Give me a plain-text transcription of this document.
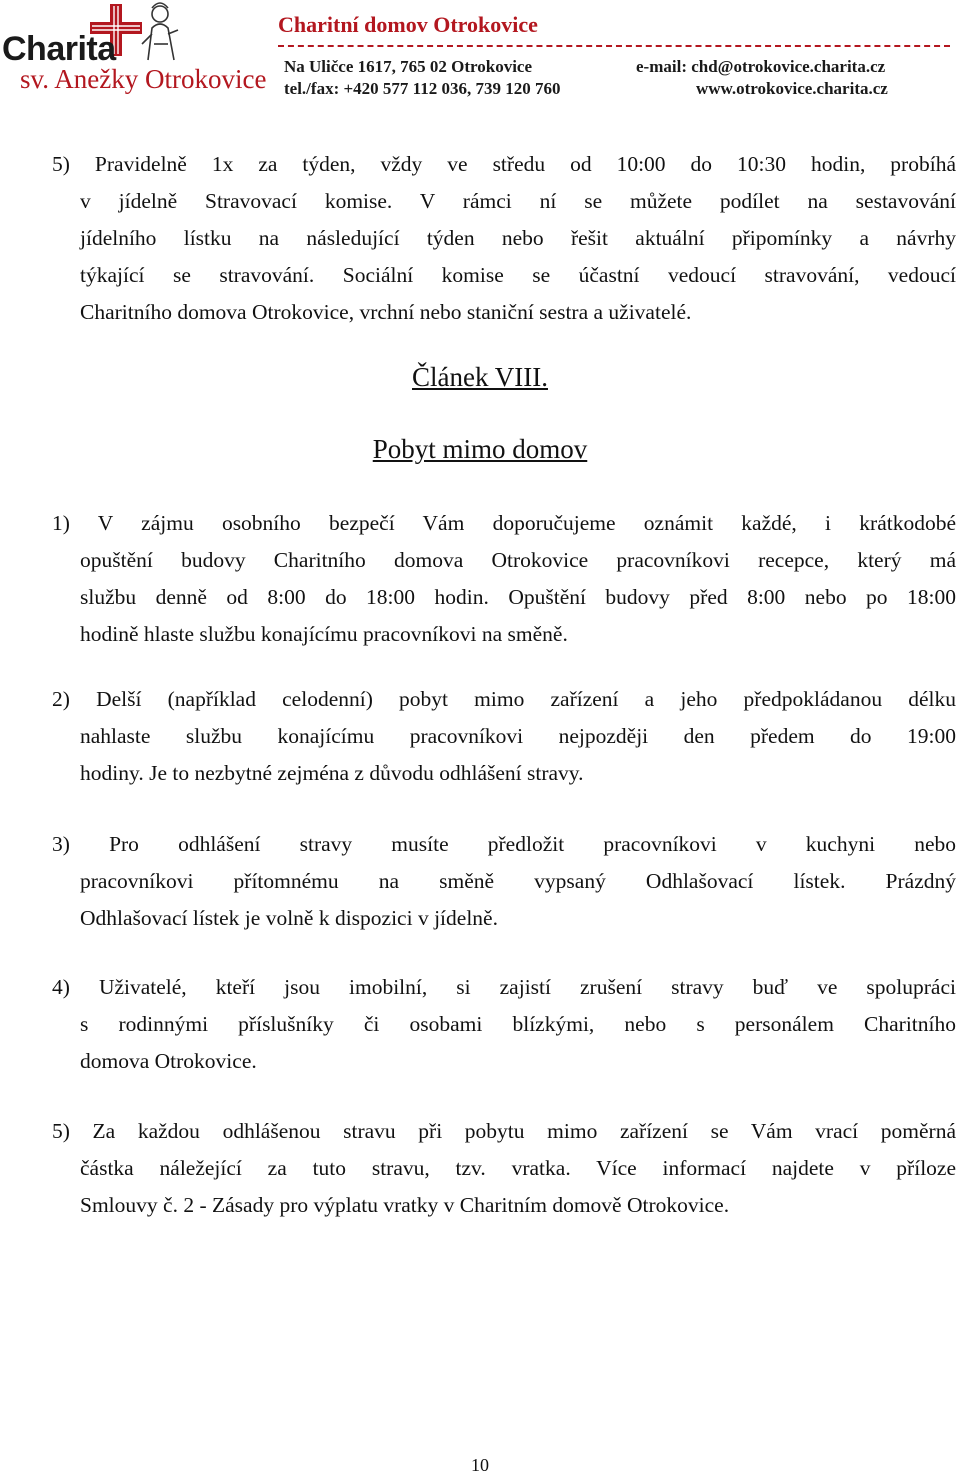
Charita
sv. Anežky Otrokovice
Charitní domov Otrokovice
Na Uličce 1617, 765 02 Otrokovice	e-mail: chd@otrokovice.charita.cz
tel./fax: +420 577 112 036, 739 120 760	www.otrokovice.charita.cz

5) Pravidelně 1x za týden, vždy ve středu od 10:00 do 10:30 hodin, probíhá
v jídelně Stravovací komise. V rámci ní se můžete podílet na sestavování
jídelního lístku na následující týden nebo řešit aktuální připomínky a návrhy
týkající se stravování. Sociální komise se účastní vedoucí stravování, vedoucí
Charitního domova Otrokovice, vrchní nebo staniční sestra a uživatelé.

Článek VIII.
Pobyt mimo domov

1) V zájmu osobního bezpečí Vám doporučujeme oznámit každé, i krátkodobé
opuštění budovy Charitního domova Otrokovice pracovníkovi recepce, který má
službu denně od 8:00 do 18:00 hodin. Opuštění budovy před 8:00 nebo po 18:00
hodině hlaste službu konajícímu pracovníkovi na směně.

2) Delší (například celodenní) pobyt mimo zařízení a jeho předpokládanou délku
nahlaste službu konajícímu pracovníkovi nejpozději den předem do 19:00
hodiny. Je to nezbytné zejména z důvodu odhlášení stravy.

3) Pro odhlášení stravy musíte předložit pracovníkovi v kuchyni nebo
pracovníkovi přítomnému na směně vypsaný Odhlašovací lístek. Prázdný
Odhlašovací lístek je volně k dispozici v jídelně.

4) Uživatelé, kteří jsou imobilní, si zajistí zrušení stravy buď ve spolupráci
s rodinnými příslušníky či osobami blízkými, nebo s personálem Charitního
domova Otrokovice.

5) Za každou odhlášenou stravu při pobytu mimo zařízení se Vám vrací poměrná
částka náležející za tuto stravu, tzv. vratka. Více informací najdete v příloze
Smlouvy č. 2 - Zásady pro výplatu vratky v Charitním domově Otrokovice.

10
